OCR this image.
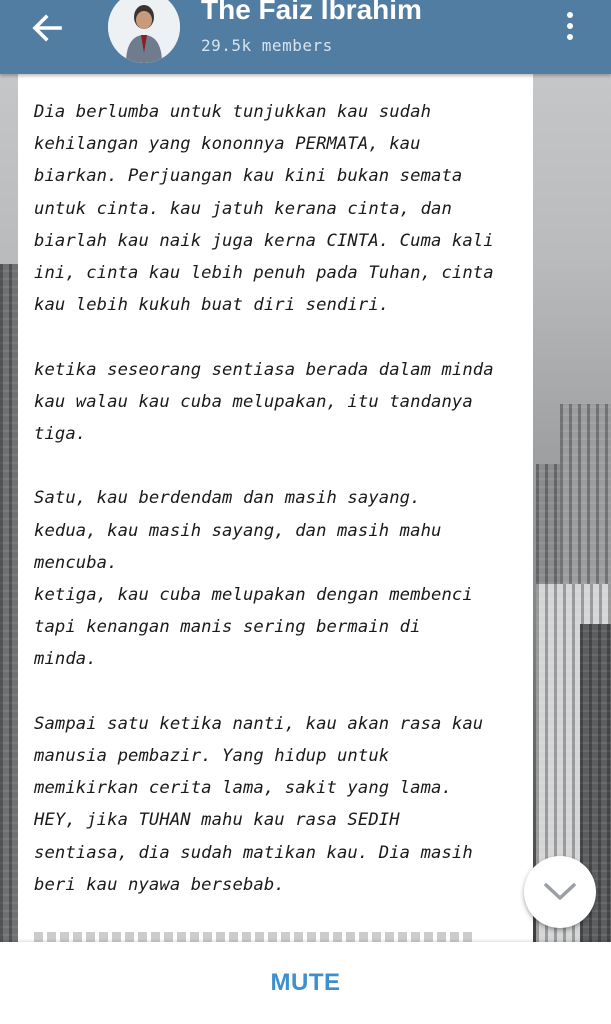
The Faiz Ibrahim
29.5k members
Dia berlumba untuk tunjukkan kau sudah
kehilangan yang kononnya PERMATA, kau
biarkan. Perjuangan kau kini bukan semata
untuk cinta. kau jatuh kerana cinta, dan
biarlah kau naik juga kerna CINTA. Cuma kali
ini, cinta kau lebih penuh pada Tuhan, cinta
kau lebih kukuh buat diri sendiri.

ketika seseorang sentiasa berada dalam minda
kau walau kau cuba melupakan, itu tandanya
tiga.

Satu, kau berdendam dan masih sayang.
kedua, kau masih sayang, dan masih mahu
mencuba.
ketiga, kau cuba melupakan dengan membenci
tapi kenangan manis sering bermain di
minda.

Sampai satu ketika nanti, kau akan rasa kau
manusia pembazir. Yang hidup untuk
memikirkan cerita lama, sakit yang lama.
HEY, jika TUHAN mahu kau rasa SEDIH
sentiasa, dia sudah matikan kau. Dia masih
beri kau nyawa bersebab.
MUTE
